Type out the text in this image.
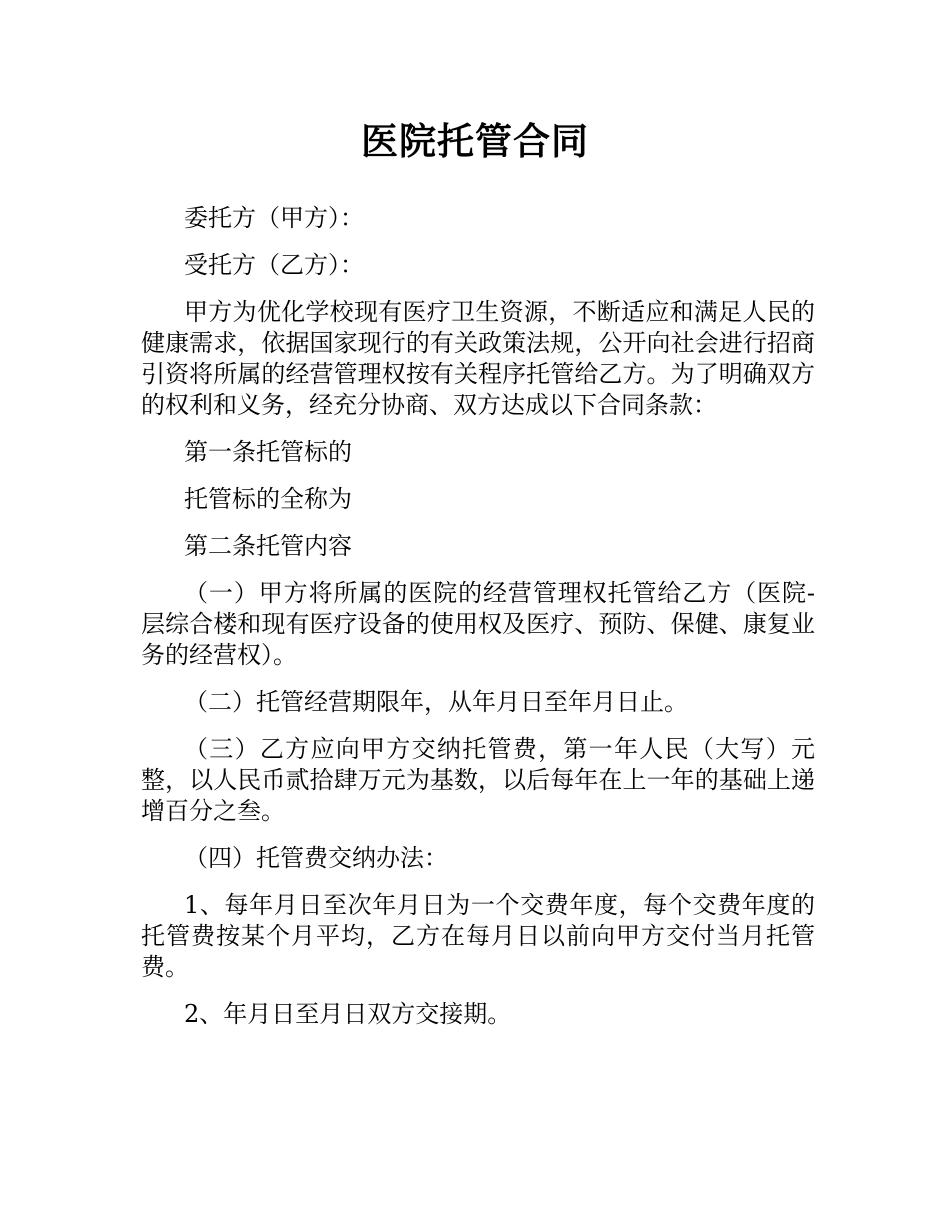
医院托管合同

委托方（甲方）：

受托方（乙方）：

甲方为优化学校现有医疗卫生资源，不断适应和满足人民的健康需求，依据国家现行的有关政策法规，公开向社会进行招商引资将所属的经营管理权按有关程序托管给乙方。为了明确双方的权利和义务，经充分协商、双方达成以下合同条款：

第一条托管标的

托管标的全称为

第二条托管内容

（一）甲方将所属的医院的经营管理权托管给乙方（医院-层综合楼和现有医疗设备的使用权及医疗、预防、保健、康复业务的经营权）。

（二）托管经营期限年，从年月日至年月日止。

（三）乙方应向甲方交纳托管费，第一年人民（大写）元整，以人民币贰拾肆万元为基数，以后每年在上一年的基础上递增百分之叁。

（四）托管费交纳办法：

1、每年月日至次年月日为一个交费年度，每个交费年度的托管费按某个月平均，乙方在每月日以前向甲方交付当月托管费。

2、年月日至月日双方交接期。
